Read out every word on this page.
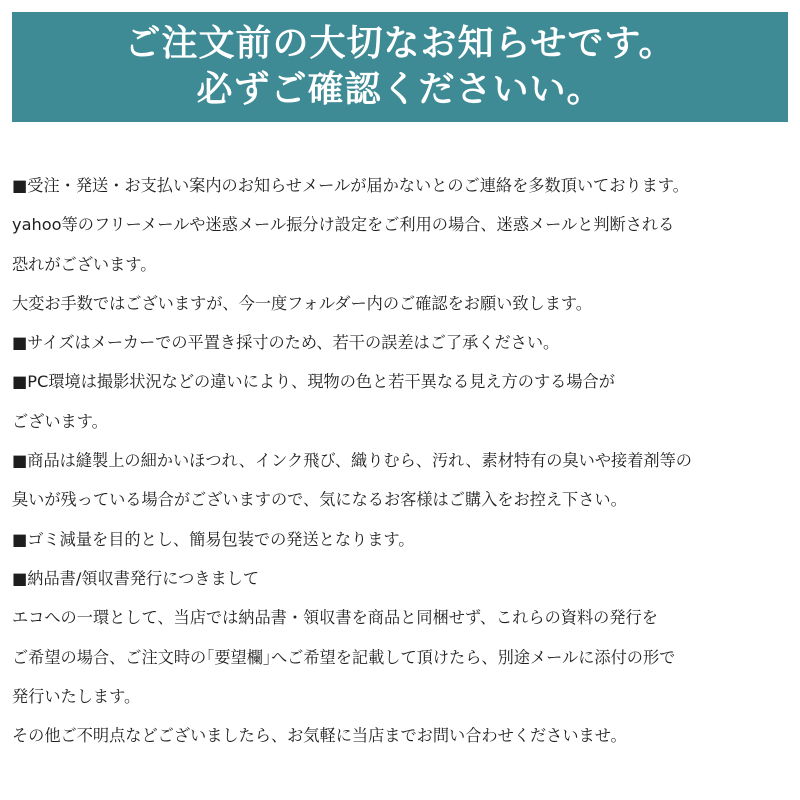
ご注文前の大切なお知らせです。
必ずご確認くださいい。
■受注・発送・お支払い案内のお知らせメールが届かないとのご連絡を多数頂いております。
yahoo等のフリーメールや迷惑メール振分け設定をご利用の場合、迷惑メールと判断される
恐れがございます。
大変お手数ではございますが、今一度フォルダー内のご確認をお願い致します。
■サイズはメーカーでの平置き採寸のため、若干の誤差はご了承ください。
■PC環境は撮影状況などの違いにより、現物の色と若干異なる見え方のする場合が
ございます。
■商品は縫製上の細かいほつれ、インク飛び、織りむら、汚れ、素材特有の臭いや接着剤等の
臭いが残っている場合がございますので、気になるお客様はご購入をお控え下さい。
■ゴミ減量を目的とし、簡易包装での発送となります。
■納品書/領収書発行につきまして
エコへの一環として、当店では納品書・領収書を商品と同梱せず、これらの資料の発行を
ご希望の場合、ご注文時の｢要望欄｣へご希望を記載して頂けたら、別途メールに添付の形で
発行いたします。
その他ご不明点などございましたら、お気軽に当店までお問い合わせくださいませ。
